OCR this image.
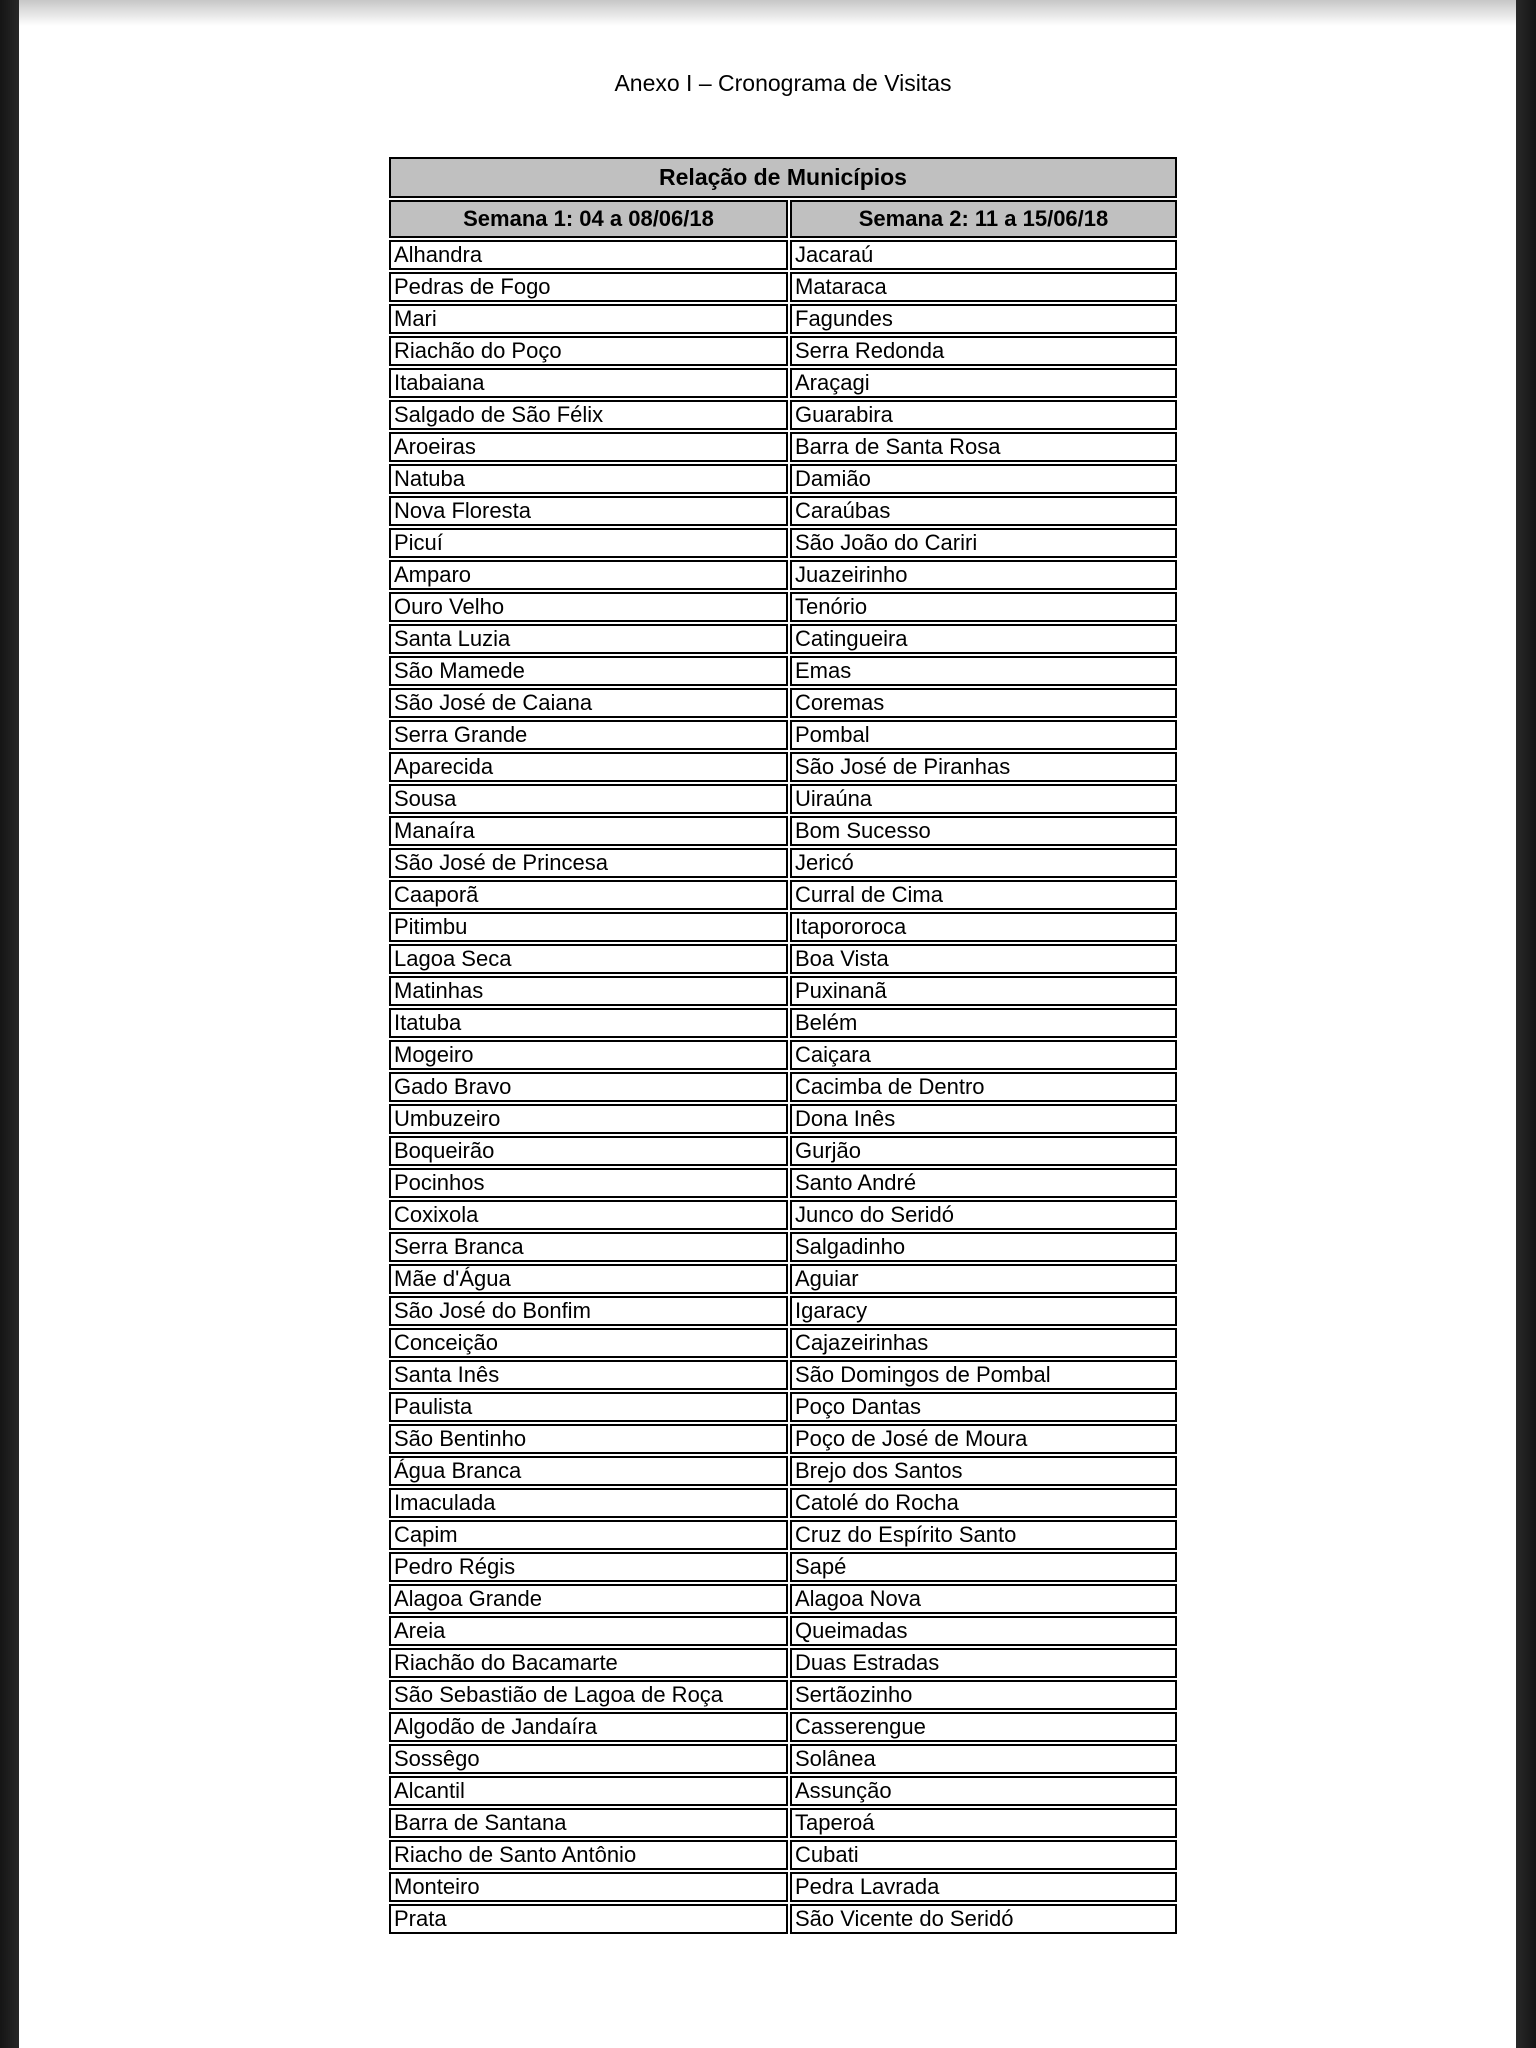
Anexo I – Cronograma de Visitas

Relação de Municípios	
Semana 1: 04 a 08/06/18	Semana 2: 11 a 15/06/18
Alhandra	Jacaraú
Pedras de Fogo	Mataraca
Mari	Fagundes
Riachão do Poço	Serra Redonda
Itabaiana	Araçagi
Salgado de São Félix	Guarabira
Aroeiras	Barra de Santa Rosa
Natuba	Damião
Nova Floresta	Caraúbas
Picuí	São João do Cariri
Amparo	Juazeirinho
Ouro Velho	Tenório
Santa Luzia	Catingueira
São Mamede	Emas
São José de Caiana	Coremas
Serra Grande	Pombal
Aparecida	São José de Piranhas
Sousa	Uiraúna
Manaíra	Bom Sucesso
São José de Princesa	Jericó
Caaporã	Curral de Cima
Pitimbu	Itapororoca
Lagoa Seca	Boa Vista
Matinhas	Puxinanã
Itatuba	Belém
Mogeiro	Caiçara
Gado Bravo	Cacimba de Dentro
Umbuzeiro	Dona Inês
Boqueirão	Gurjão
Pocinhos	Santo André
Coxixola	Junco do Seridó
Serra Branca	Salgadinho
Mãe d'Água	Aguiar
São José do Bonfim	Igaracy
Conceição	Cajazeirinhas
Santa Inês	São Domingos de Pombal
Paulista	Poço Dantas
São Bentinho	Poço de José de Moura
Água Branca	Brejo dos Santos
Imaculada	Catolé do Rocha
Capim	Cruz do Espírito Santo
Pedro Régis	Sapé
Alagoa Grande	Alagoa Nova
Areia	Queimadas
Riachão do Bacamarte	Duas Estradas
São Sebastião de Lagoa de Roça	Sertãozinho
Algodão de Jandaíra	Casserengue
Sossêgo	Solânea
Alcantil	Assunção
Barra de Santana	Taperoá
Riacho de Santo Antônio	Cubati
Monteiro	Pedra Lavrada
Prata	São Vicente do Seridó
